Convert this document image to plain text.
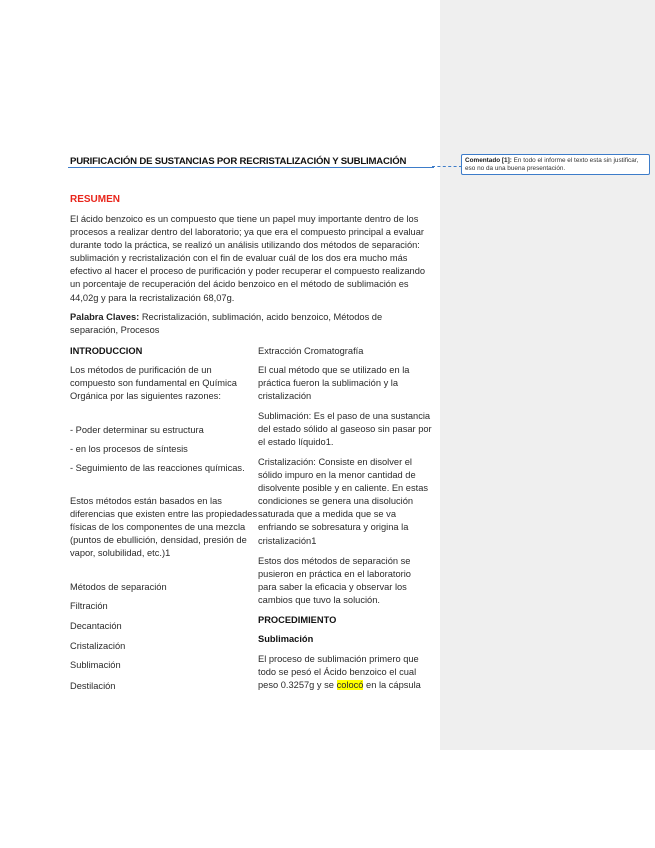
PURIFICACIÓN DE SUSTANCIAS POR RECRISTALIZACIÓN Y SUBLIMACIÓN	Comentado [1]: En todo el informe el texto esta sin justificar, eso no da una buena presentación.
RESUMEN

El ácido benzoico es un compuesto que tiene un papel muy importante dentro de los procesos a realizar dentro del laboratorio; ya que era el compuesto principal a evaluar durante todo la práctica, se realizó un análisis utilizando dos métodos de separación: sublimación y recristalización con el fin de evaluar cuál de los dos era mucho más efectivo al hacer el proceso de purificación y poder recuperar el compuesto realizando un porcentaje de recuperación del ácido benzoico en el método de sublimación es 44,02g y para la recristalización 68,07g.

Palabra Claves: Recristalización, sublimación, acido benzoico, Métodos de separación, Procesos

INTRODUCCION

Los métodos de purificación de un compuesto son fundamental en Química Orgánica por las siguientes razones:

- Poder determinar su estructura

- en los procesos de síntesis

- Seguimiento de las reacciones químicas.

Estos métodos están basados en las diferencias que existen entre las propiedades físicas de los componentes de una mezcla (puntos de ebullición, densidad, presión de vapor, solubilidad, etc.)1

Métodos de separación

Filtración

Decantación

Cristalización

Sublimación

Destilación

Extracción Cromatografía

El cual método que se utilizado en la práctica fueron la sublimación y la cristalización

Sublimación: Es el paso de una sustancia del estado sólido al gaseoso sin pasar por el estado líquido1.

Cristalización: Consiste en disolver el sólido impuro en la menor cantidad de disolvente posible y en caliente. En estas condiciones se genera una disolución saturada que a medida que se va enfriando se sobresatura y origina la cristalización1

Estos dos métodos de separación se pusieron en práctica en el laboratorio para saber la eficacia y observar los cambios que tuvo la solución.

PROCEDIMIENTO

Sublimación

El proceso de sublimación primero que todo se pesó el Ácido benzoico el cual peso 0.3257g y se colocó en la cápsula
